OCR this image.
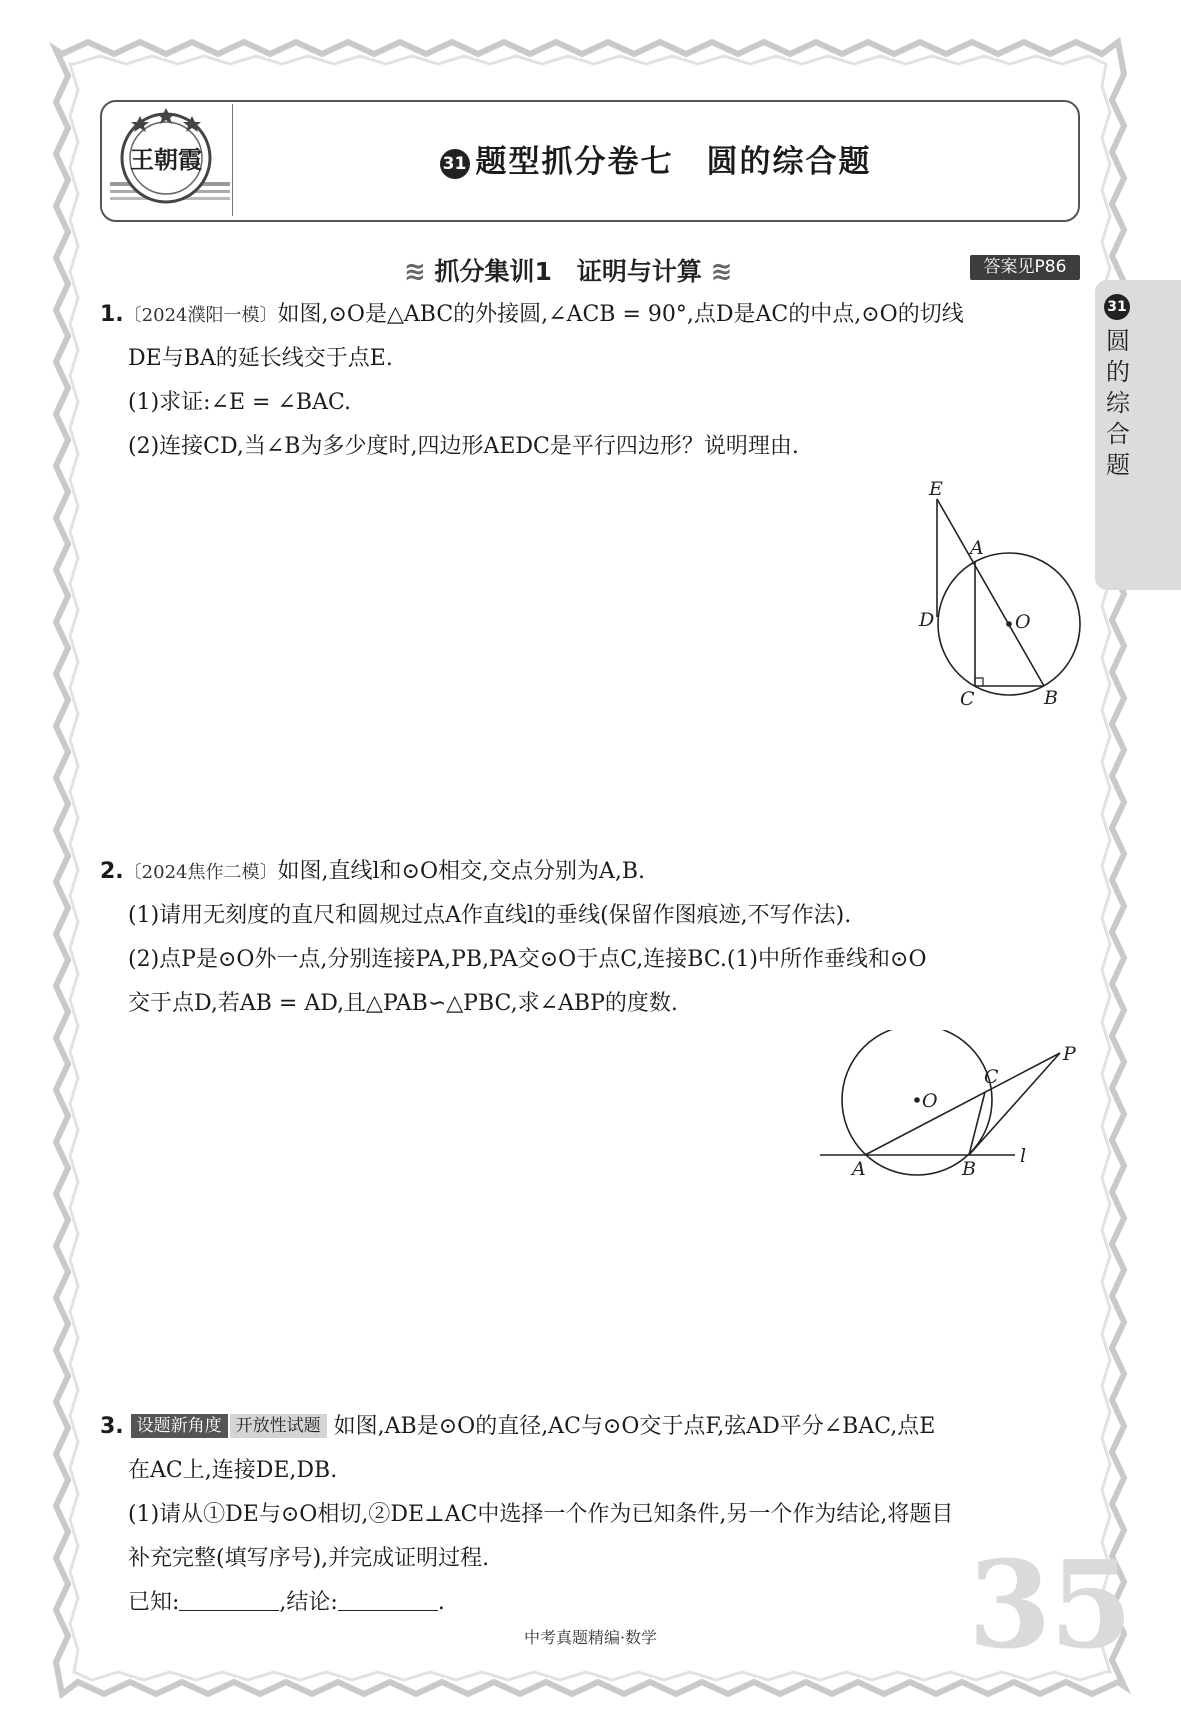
王朝霞	31 题型抓分卷七　圆的综合题
≋ 抓分集训1　证明与计算 ≋	答案见P86
31
圆的综合题
1.〔2024濮阳一模〕如图,⊙O是△ABC的外接圆,∠ACB = 90°,点D是AC的中点,⊙O的切线
DE与BA的延长线交于点E.
(1)求证:∠E = ∠BAC.
(2)连接CD,当∠B为多少度时,四边形AEDC是平行四边形？说明理由.
E
A
D	O
C	B
2.〔2024焦作二模〕如图,直线l和⊙O相交,交点分别为A,B.
(1)请用无刻度的直尺和圆规过点A作直线l的垂线(保留作图痕迹,不写作法).
(2)点P是⊙O外一点,分别连接PA,PB,PA交⊙O于点C,连接BC.(1)中所作垂线和⊙O
交于点D,若AB = AD,且△PAB∽△PBC,求∠ABP的度数.
P
C
O
A	B
l
3. 设题新角度 开放性试题 如图,AB是⊙O的直径,AC与⊙O交于点F,弦AD平分∠BAC,点E
在AC上,连接DE,DB.
(1)请从①DE与⊙O相切,②DE⊥AC中选择一个作为已知条件,另一个作为结论,将题目
补充完整(填写序号),并完成证明过程.
已知:	,结论:	.	35
中考真题精编·数学
